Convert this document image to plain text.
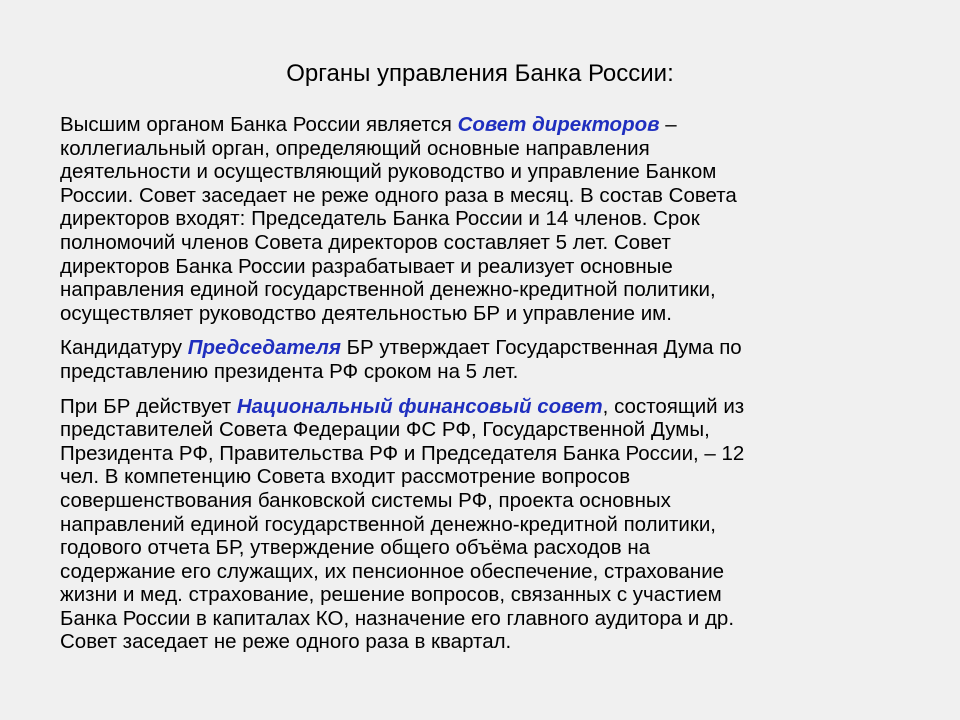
Органы управления Банка России:

Высшим органом Банка России является Совет директоров –
коллегиальный орган, определяющий основные направления
деятельности и осуществляющий руководство и управление Банком
России. Совет заседает не реже одного раза в месяц. В состав Совета
директоров входят: Председатель Банка России и 14 членов. Срок
полномочий членов Совета директоров составляет 5 лет. Совет
директоров Банка России разрабатывает и реализует основные
направления единой государственной денежно-кредитной политики,
осуществляет руководство деятельностью БР и управление им.

Кандидатуру Председателя БР утверждает Государственная Дума по
представлению президента РФ сроком на 5 лет.

При БР действует Национальный финансовый совет, состоящий из
представителей Совета Федерации ФС РФ, Государственной Думы,
Президента РФ, Правительства РФ и Председателя Банка России, – 12
чел. В компетенцию Совета входит рассмотрение вопросов
совершенствования банковской системы РФ, проекта основных
направлений единой государственной денежно-кредитной политики,
годового отчета БР, утверждение общего объёма расходов на
содержание его служащих, их пенсионное обеспечение, страхование
жизни и мед. страхование, решение вопросов, связанных с участием
Банка России в капиталах КО, назначение его главного аудитора и др.
Совет заседает не реже одного раза в квартал.
